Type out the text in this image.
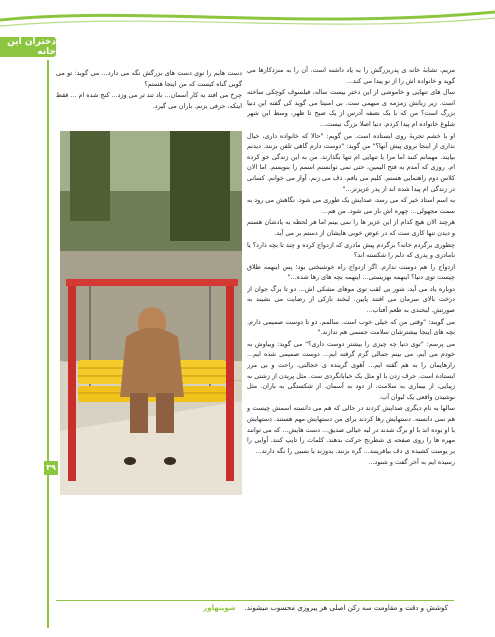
دختران این خانه
۳۹

مریم، تشابهٔ خانه ی پدربزرگش را به یاد داشته است. آن را به منزدکارها می گوید و خانواده اش را از نو پیدا می کند...

سال های تنهایی و خاموشی از این دختر بیست ساله، فیلسوف کوچکی ساخته است. زیر زبانش زمزمه ی مبهمی ست. بی امنیتا می گوید کی گفته این دنیا بزرگ است؟ من که با یک نصفه آدرس از یک صبح تا ظهر، وسط این شهر شلوغ خانواده ام پیدا کردم. دنیا اصلا بزرگ نیست...

او با خشم تجربهٔ روی ایستاده است. من گویم: "حالا که خانواده داری، خیال نداری از اینجا بروی پیش آنها؟" من گوید: "دوست دارم گاهی تلفن بزنند. دیدنم بیایند. مهمانم کنند اما مرا با تنهایی ام تنها بگذارند. من به این زندگی خو کرده ام. روزی که آمدم به فتح الیمین، حتی نمی توانستم اسمم را بنویسم. اما الان کلاس دوم راهنمایی هستم. کلیم می بافم. دف می زنم. آواز می خوانم. کسانی در زندگی ام پیدا شده اند از پدر عزیزتر..."

به اسم استاد خبر که می رسد، صدایش یک طوری می شود. نگاهش می رود به سمت مجهولی... چهره اش باز می شود. من هم...

هرچند الان هیچ کدام از این عزیز ها را نمی بینم اما هر لحظه به یادشان هستم و دیدن تنها کاری ست که در عوض خوبی هایشان از دستم بر می آید.

چطوری برگردم خانه؟ برگردم پیش مادری که ازدواج کرده و چند تا بچه دارد؟ یا نامادری و پدری که دلم را شکسته اند؟

ازدواج را هم دوست ندارم. اگر ازدواج راه خوشبختی بود؛ پس اینهمه طلاق چیست توی دنیا؟ اینهمه بهزیستی... اینهمه بچه های رها شده..."

دوباره یاد می آید، شور بی لقب توی موهای مشکی اش... دو تا برگ جوان از درخت بالای سرمان می افتند پایین. لبخند نازکی از رضایت می نشیند به صورتش. لبخندی به طعم آفتاب...

می گویند: "وقتی من که خیلی خوب است. سالمم. دو تا دوست صمیمی دارم. بچه های اینجا بیشترشان سلامت جسمی هم ندارند."

می پرسم: "توی دنیا چه چیزی را بیشتر دوست داری؟" می گوید: وبیاوش به خودم می آیم. می بینم جمالی گرم گرفته ایم... دوست صمیمی شده ایم... رازهایمان را به هم گفته ایم... آهوی گرینده ی خجالتی، راحت و بی مرز ایستاده است. حرف زدن با او مثل یک خیابانگردی ست. مثل پریدن از زشتی به زیبایی، از بیماری به سلامت، از دود به آسمان. از شکستگی به باران. مثل نوشیدن واقعی یک لیوان آب.

سالها به نام دیگری صدایش کردند در حالی که هم می دانسته اسمش چیست و هم نمی دانسته. دستهایش رها کردند برای من دستهایش مهم هستند. دستهایش با او بوده اند با او برگ شدند در لبه خیالی صدیق... دست هایش... که می توانند مهره ها را روی صفحه ی شطرنج حرکت بدهند. کلمات را تایپ کنند. آوایی را بر پوست کشیده ی دف بیافرینند... گره بزنند. بدوزند یا بسبی را نگه دارند...

رسیده ایم به آخر گفت و شنود...

دست هایم را توی دست های بزرگش نگه می دارد... می گوید: تو می گویی گناه کیست که من اینجا هستم؟

چرخ می افتد به کار آسمان... باد تند تر می وزد... کنج شده ام ... فقط اینکه، حرفی بزنم. باران می گیرد.

کوشش و دقت و مقاومت سه رکن اصلی هر پیروزی محسوب میشوند.    شوپنهاور
